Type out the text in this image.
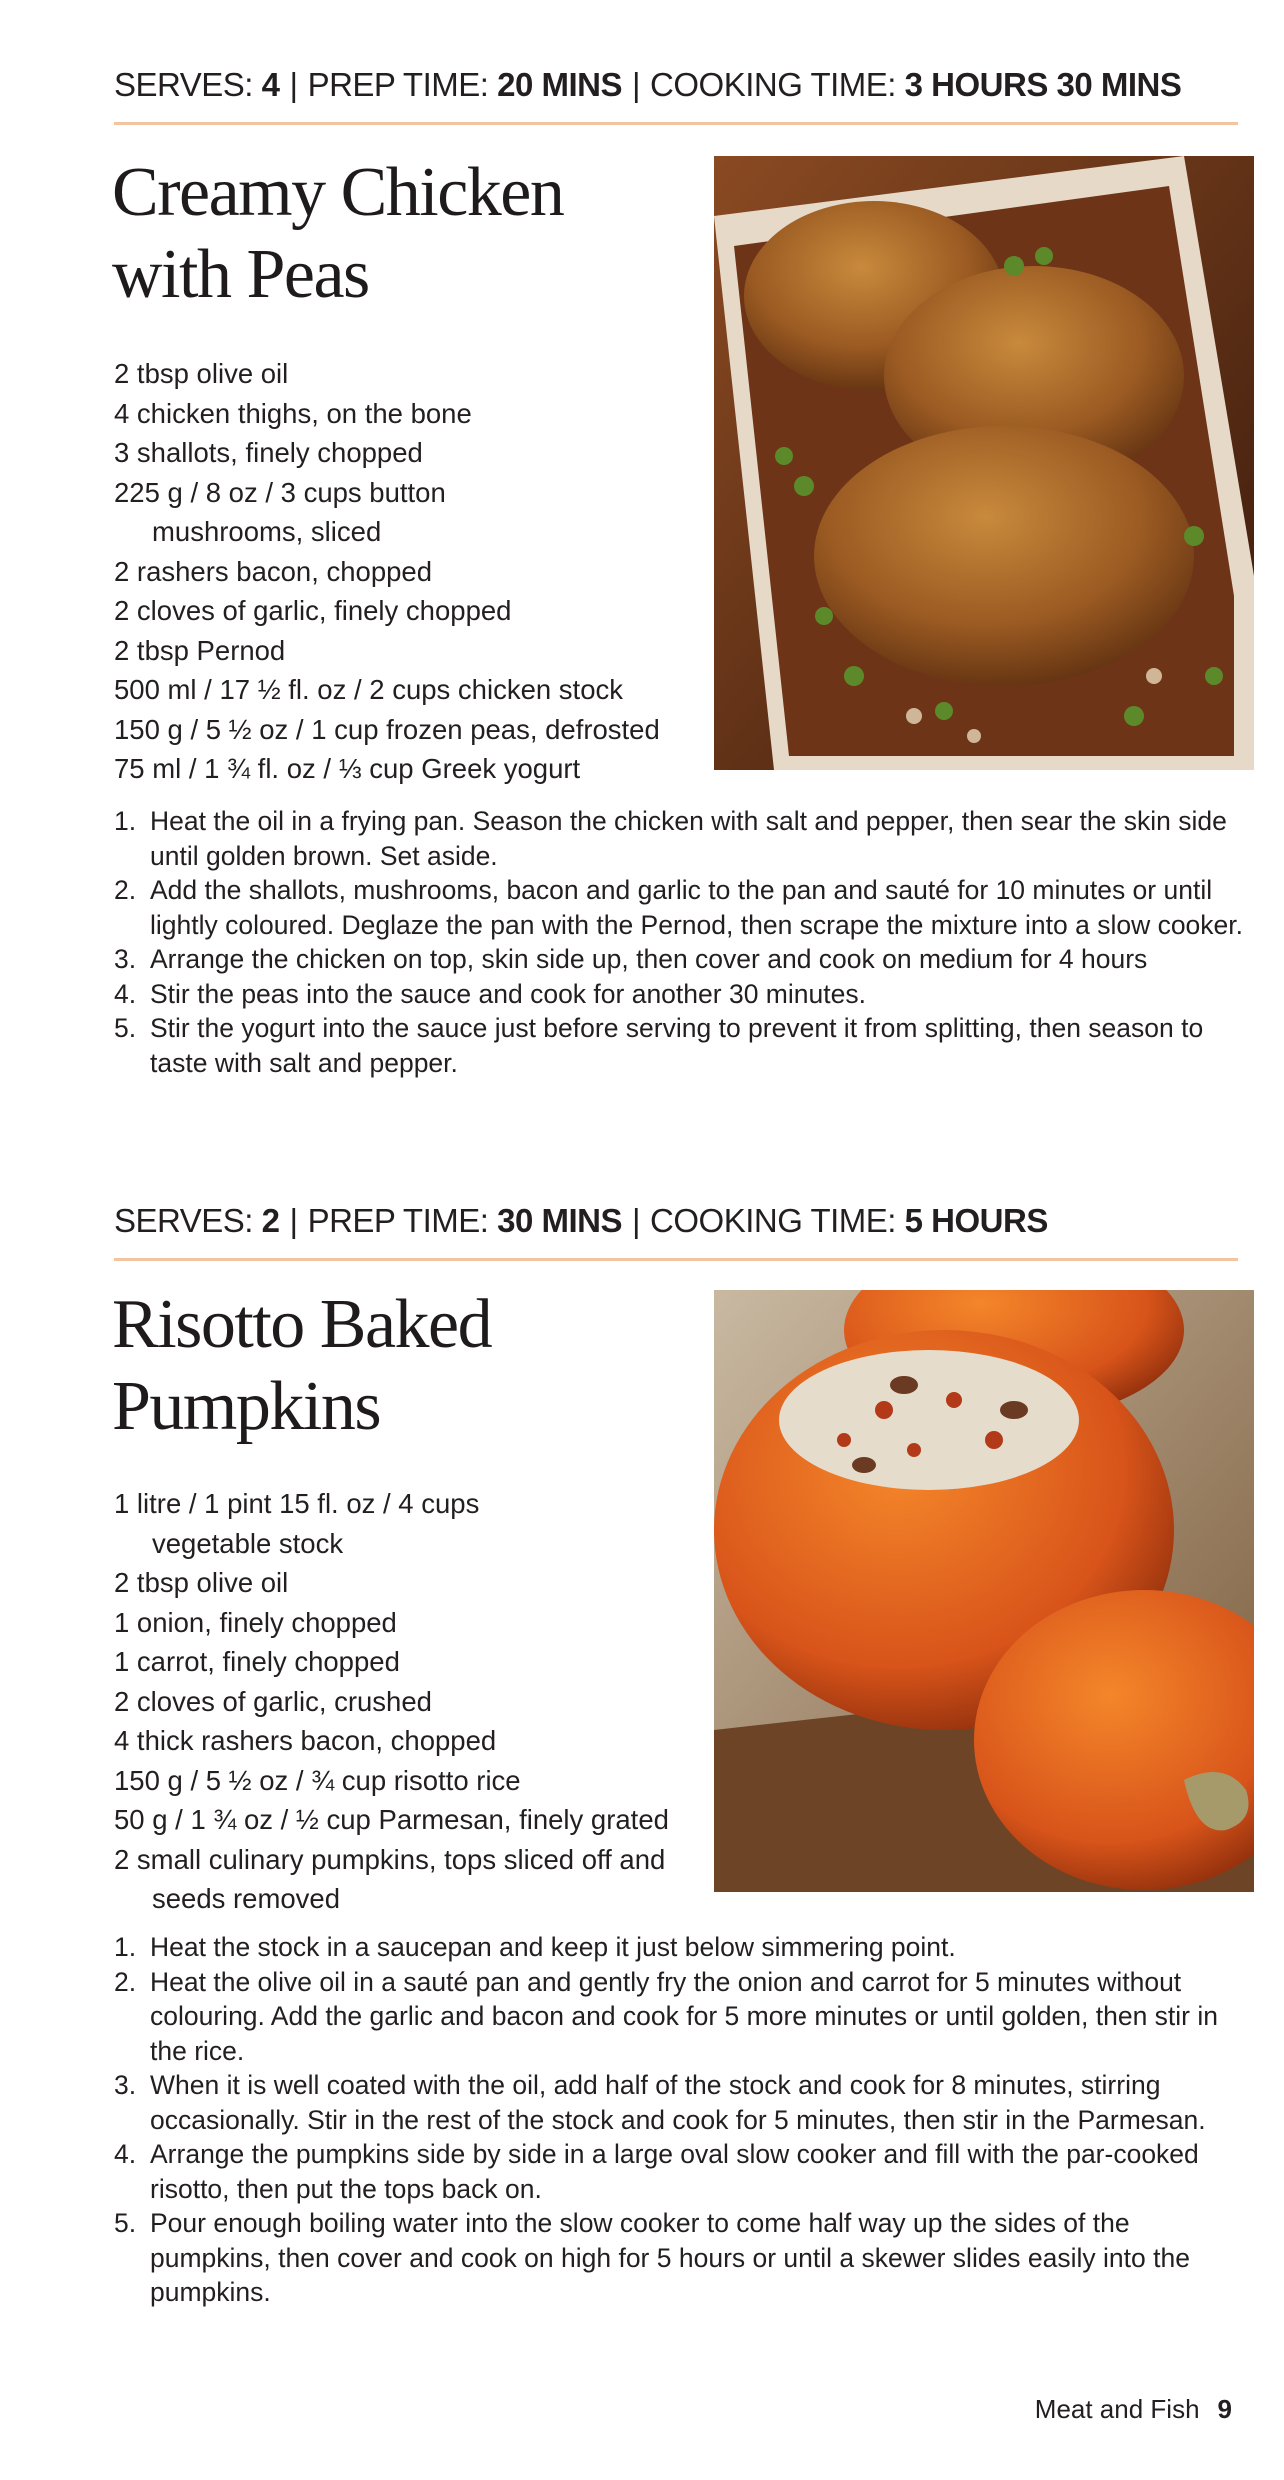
SERVES: 4 | PREP TIME: 20 MINS | COOKING TIME: 3 HOURS 30 MINS
Creamy Chicken
with Peas
2 tbsp olive oil
4 chicken thighs, on the bone
3 shallots, finely chopped
225 g / 8 oz / 3 cups button mushrooms, sliced
2 rashers bacon, chopped
2 cloves of garlic, finely chopped
2 tbsp Pernod
500 ml / 17 ½ fl. oz / 2 cups chicken stock
150 g / 5 ½ oz / 1 cup frozen peas, defrosted
75 ml / 1 ¾ fl. oz / ⅓ cup Greek yogurt
1. Heat the oil in a frying pan. Season the chicken with salt and pepper, then sear the skin side until golden brown. Set aside.
2. Add the shallots, mushrooms, bacon and garlic to the pan and sauté for 10 minutes or until lightly coloured. Deglaze the pan with the Pernod, then scrape the mixture into a slow cooker.
3. Arrange the chicken on top, skin side up, then cover and cook on medium for 4 hours
4. Stir the peas into the sauce and cook for another 30 minutes.
5. Stir the yogurt into the sauce just before serving to prevent it from splitting, then season to taste with salt and pepper.
SERVES: 2 | PREP TIME: 30 MINS | COOKING TIME: 5 HOURS
Risotto Baked
Pumpkins
1 litre / 1 pint 15 fl. oz / 4 cups vegetable stock
2 tbsp olive oil
1 onion, finely chopped
1 carrot, finely chopped
2 cloves of garlic, crushed
4 thick rashers bacon, chopped
150 g / 5 ½ oz / ¾ cup risotto rice
50 g / 1 ¾ oz / ½ cup Parmesan, finely grated
2 small culinary pumpkins, tops sliced off and seeds removed
1. Heat the stock in a saucepan and keep it just below simmering point.
2. Heat the olive oil in a sauté pan and gently fry the onion and carrot for 5 minutes without colouring. Add the garlic and bacon and cook for 5 more minutes or until golden, then stir in the rice.
3. When it is well coated with the oil, add half of the stock and cook for 8 minutes, stirring occasionally. Stir in the rest of the stock and cook for 5 minutes, then stir in the Parmesan.
4. Arrange the pumpkins side by side in a large oval slow cooker and fill with the par-cooked risotto, then put the tops back on.
5. Pour enough boiling water into the slow cooker to come half way up the sides of the pumpkins, then cover and cook on high for 5 hours or until a skewer slides easily into the pumpkins.
Meat and Fish 9
